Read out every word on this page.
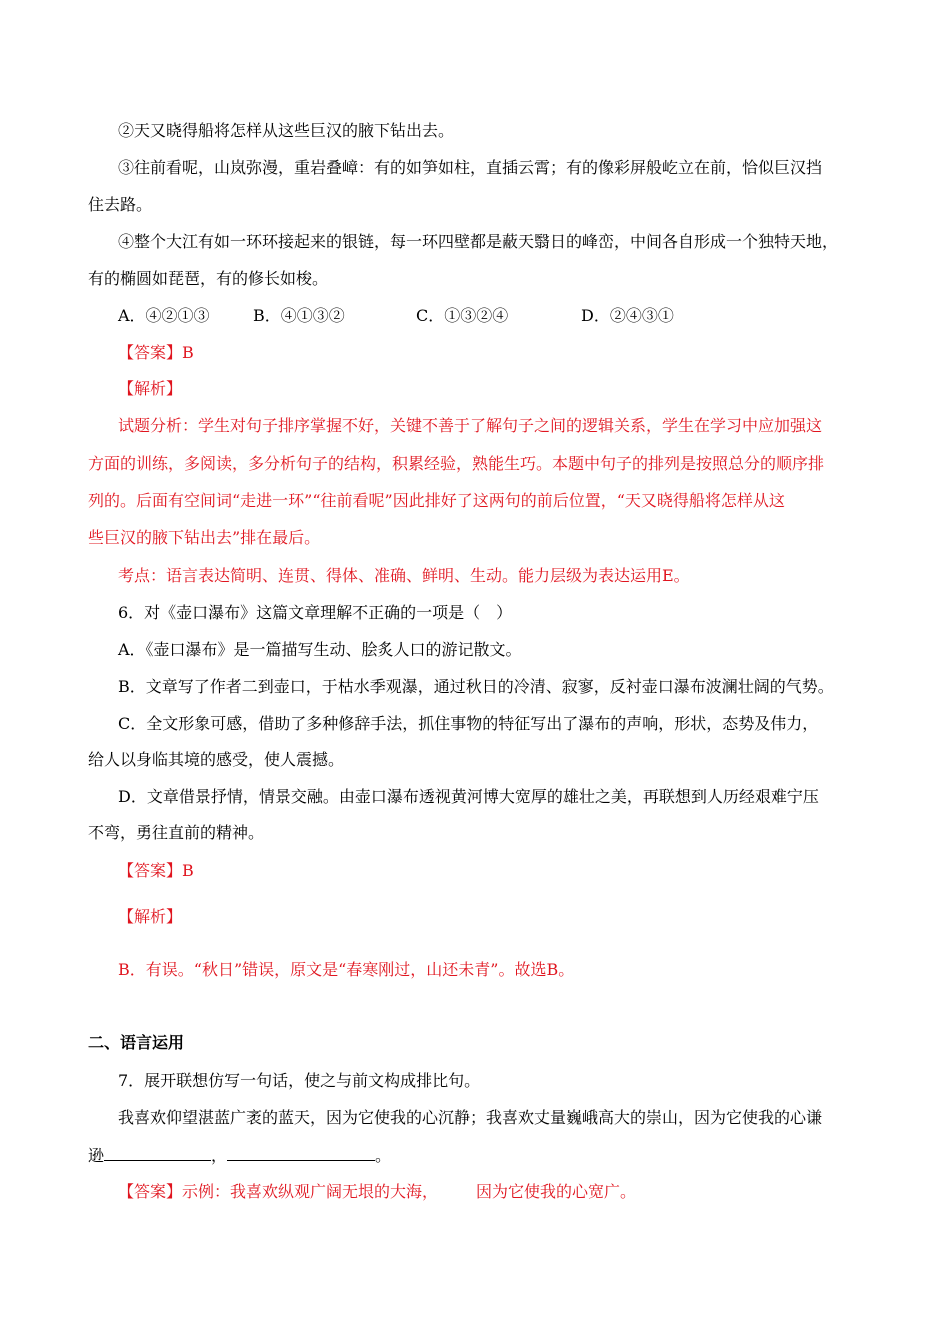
②天又晓得船将怎样从这些巨汉的腋下钻出去。
③往前看呢，山岚弥漫，重岩叠嶂：有的如笋如柱，直插云霄；有的像彩屏般屹立在前，恰似巨汉挡
住去路。
④整个大江有如一环环接起来的银链，每一环四壁都是蔽天翳日的峰峦，中间各自形成一个独特天地，
有的椭圆如琵琶，有的修长如梭。
A．④②①③	B．④①③②	C．①③②④	D．②④③①
【答案】B
【解析】
试题分析：学生对句子排序掌握不好，关键不善于了解句子之间的逻辑关系，学生在学习中应加强这
方面的训练，多阅读，多分析句子的结构，积累经验，熟能生巧。本题中句子的排列是按照总分的顺序排
列的。后面有空间词“走进一环”“往前看呢”因此排好了这两句的前后位置，“天又晓得船将怎样从这
些巨汉的腋下钻出去”排在最后。
考点：语言表达简明、连贯、得体、准确、鲜明、生动。能力层级为表达运用E。
6．对《壶口瀑布》这篇文章理解不正确的一项是（　）
A．《壶口瀑布》是一篇描写生动、脍炙人口的游记散文。
B．文章写了作者二到壶口，于枯水季观瀑，通过秋日的冷清、寂寥，反衬壶口瀑布波澜壮阔的气势。
C．全文形象可感，借助了多种修辞手法，抓住事物的特征写出了瀑布的声响，形状，态势及伟力，
给人以身临其境的感受，使人震撼。
D．文章借景抒情，情景交融。由壶口瀑布透视黄河博大宽厚的雄壮之美，再联想到人历经艰难宁压
不弯，勇往直前的精神。
【答案】B
【解析】
B．有误。“秋日”错误，原文是“春寒刚过，山还未青”。故选B。
二、语言运用
7．展开联想仿写一句话，使之与前文构成排比句。
我喜欢仰望湛蓝广袤的蓝天，因为它使我的心沉静；我喜欢丈量巍峨高大的崇山，因为它使我的心谦
逊	，	。
【答案】示例：我喜欢纵观广阔无垠的大海， 因为它使我的心宽广。
